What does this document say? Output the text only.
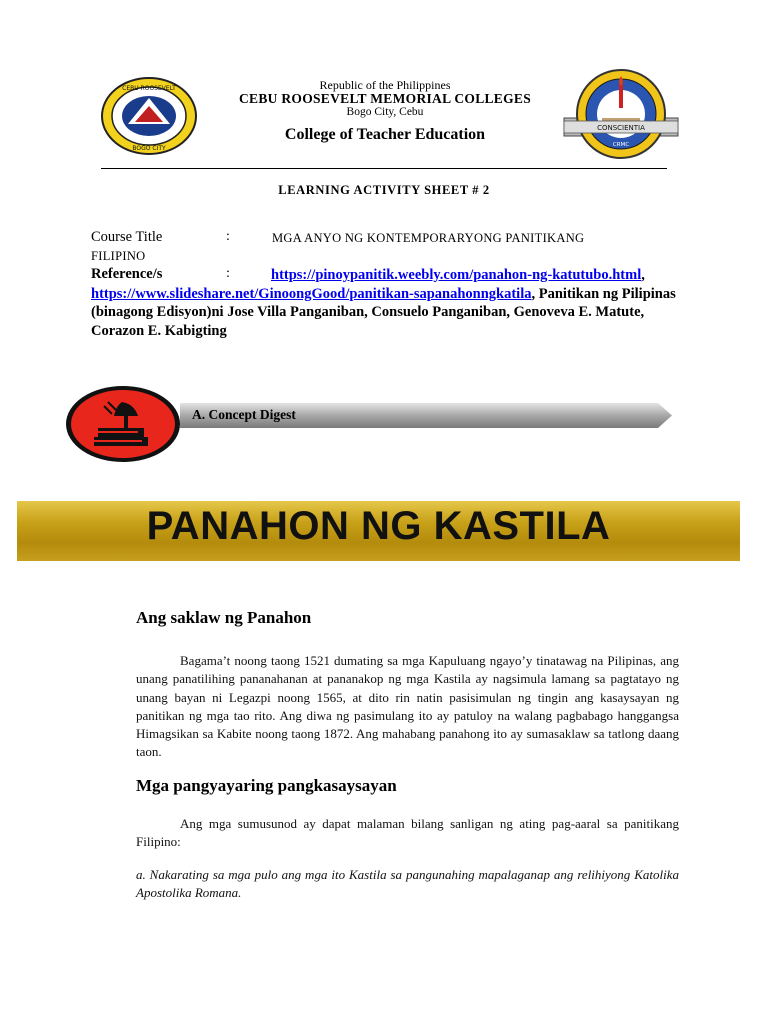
CEBU ROOSEVELT
BOGO CITY
CONSCIENTIA
CRMC
Republic of the Philippines
CEBU ROOSEVELT MEMORIAL COLLEGES
Bogo City, Cebu
College of Teacher Education
LEARNING ACTIVITY SHEET # 2
Course Title	:	MGA ANYO NG KONTEMPORARYONG PANITIKANG
FILIPINO
Reference/s	:	https://pinoypanitik.weebly.com/panahon-ng-katutubo.html, https://www.slideshare.net/GinoongGood/panitikan-sapanahonngkatila, Panitikan ng Pilipinas (binagong Edisyon)ni Jose Villa Panganiban, Consuelo Panganiban, Genoveva E. Matute, Corazon E. Kabigting
A. Concept Digest
PANAHON NG KASTILA
Ang saklaw ng Panahon
Bagama’t noong taong 1521 dumating sa mga Kapuluang ngayo’y tinatawag na Pilipinas, ang unang panatilihing pananahanan at pananakop ng mga Kastila ay nagsimula lamang sa pagtatayo ng unang bayan ni Legazpi noong 1565, at dito rin natin pasisimulan ng tingin ang kasaysayan ng panitikan ng mga tao rito. Ang diwa ng pasimulang ito ay patuloy na walang pagbabago hanggangsa Himagsikan sa Kabite noong taong 1872. Ang mahabang panahong ito ay sumasaklaw sa tatlong daang taon.
Mga pangyayaring pangkasaysayan
Ang mga sumusunod ay dapat malaman bilang sanligan ng ating pag-aaral sa panitikang Filipino:
a. Nakarating sa mga pulo ang mga ito Kastila sa pangunahing mapalaganap ang relihiyong Katolika Apostolika Romana.
